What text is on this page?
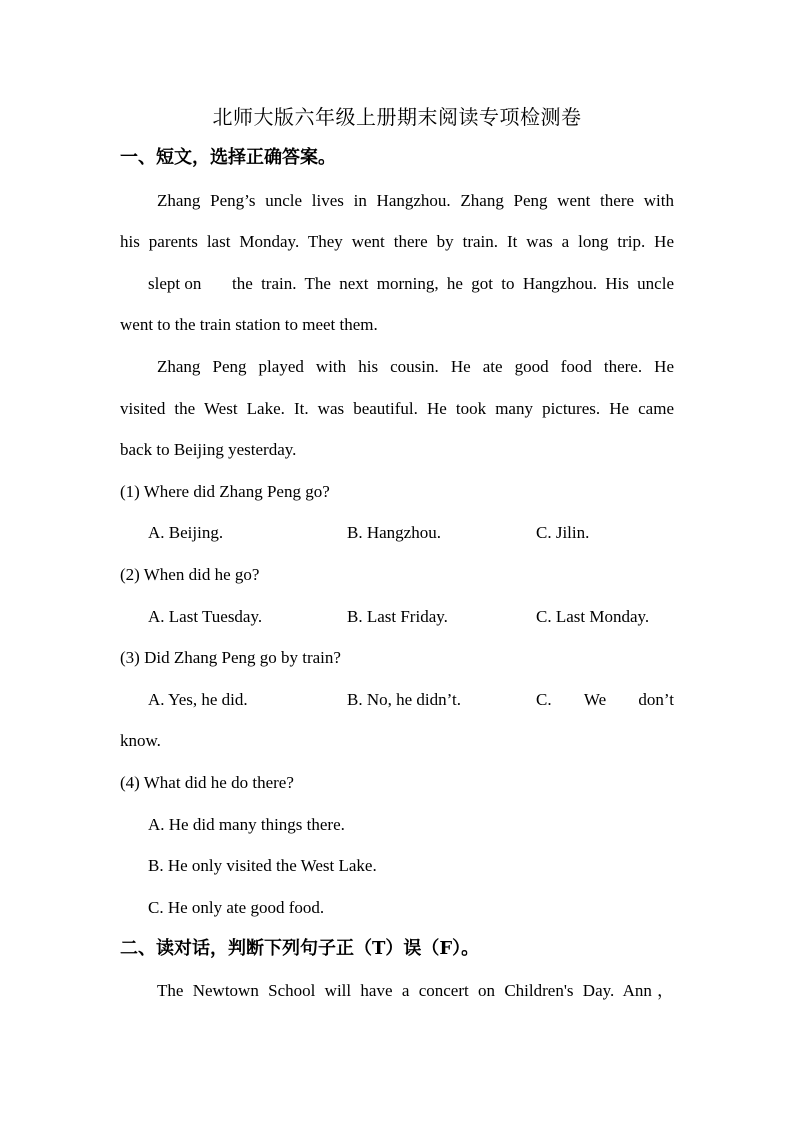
北师大版六年级上册期末阅读专项检测卷
一、短文，选择正确答案。
Zhang Peng’s uncle lives in Hangzhou. Zhang Peng went there with
his parents last Monday. They went there by train. It was a long trip. He
slept on the train. The next morning, he got to Hangzhou. His uncle
went to the train station to meet them.
Zhang Peng played with his cousin. He ate good food there. He
visited the West Lake. It. was beautiful. He took many pictures. He came
back to Beijing yesterday.
(1) Where did Zhang Peng go?
A. Beijing.	B. Hangzhou.	C. Jilin.
(2) When did he go?
A. Last Tuesday.	B. Last Friday.	C. Last Monday.
(3) Did Zhang Peng go by train?
A. Yes, he did.	B. No, he didn’t.	C. We don’t
know.
(4) What did he do there?
A. He did many things there.
B. He only visited the West Lake.
C. He only ate good food.
二、读对话，判断下列句子正（T）误（F）。
The Newtown School will have a concert on Children's Day. Ann，
